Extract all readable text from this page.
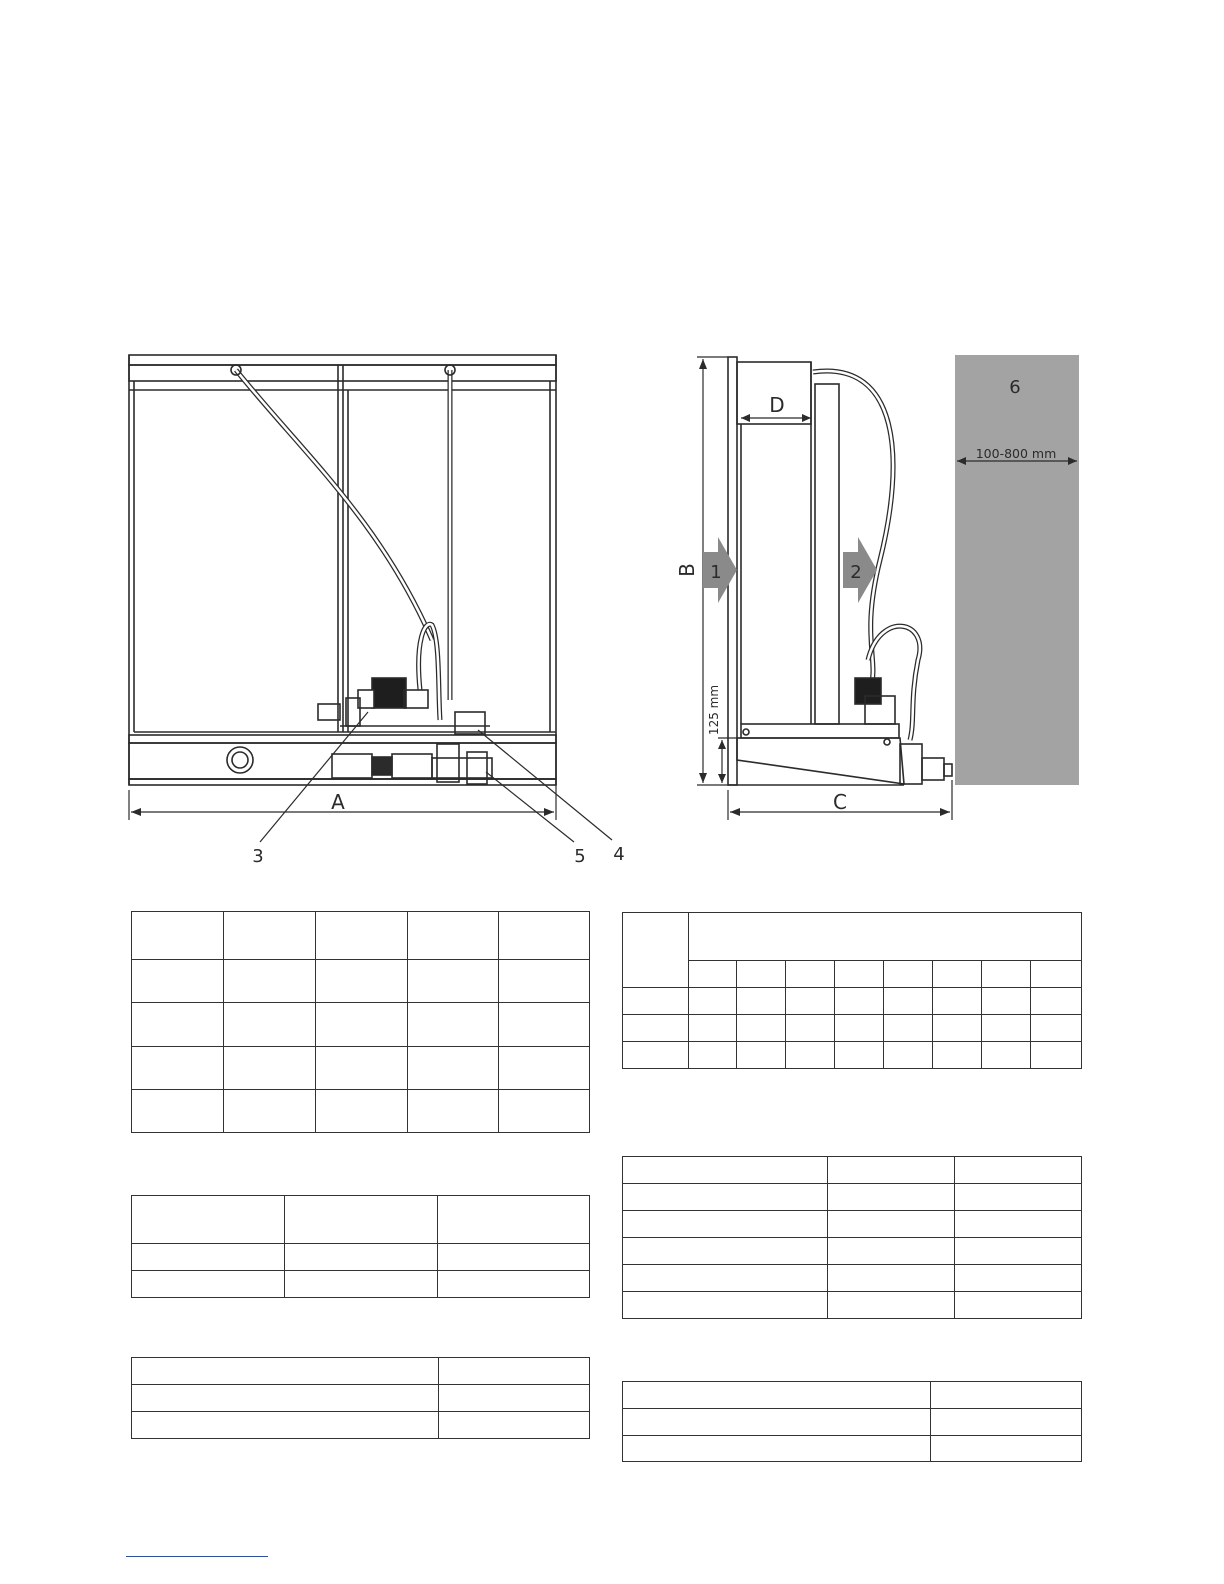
A
3	5 4
1	2
B
C
D
125 mm
6
100-800 mm
